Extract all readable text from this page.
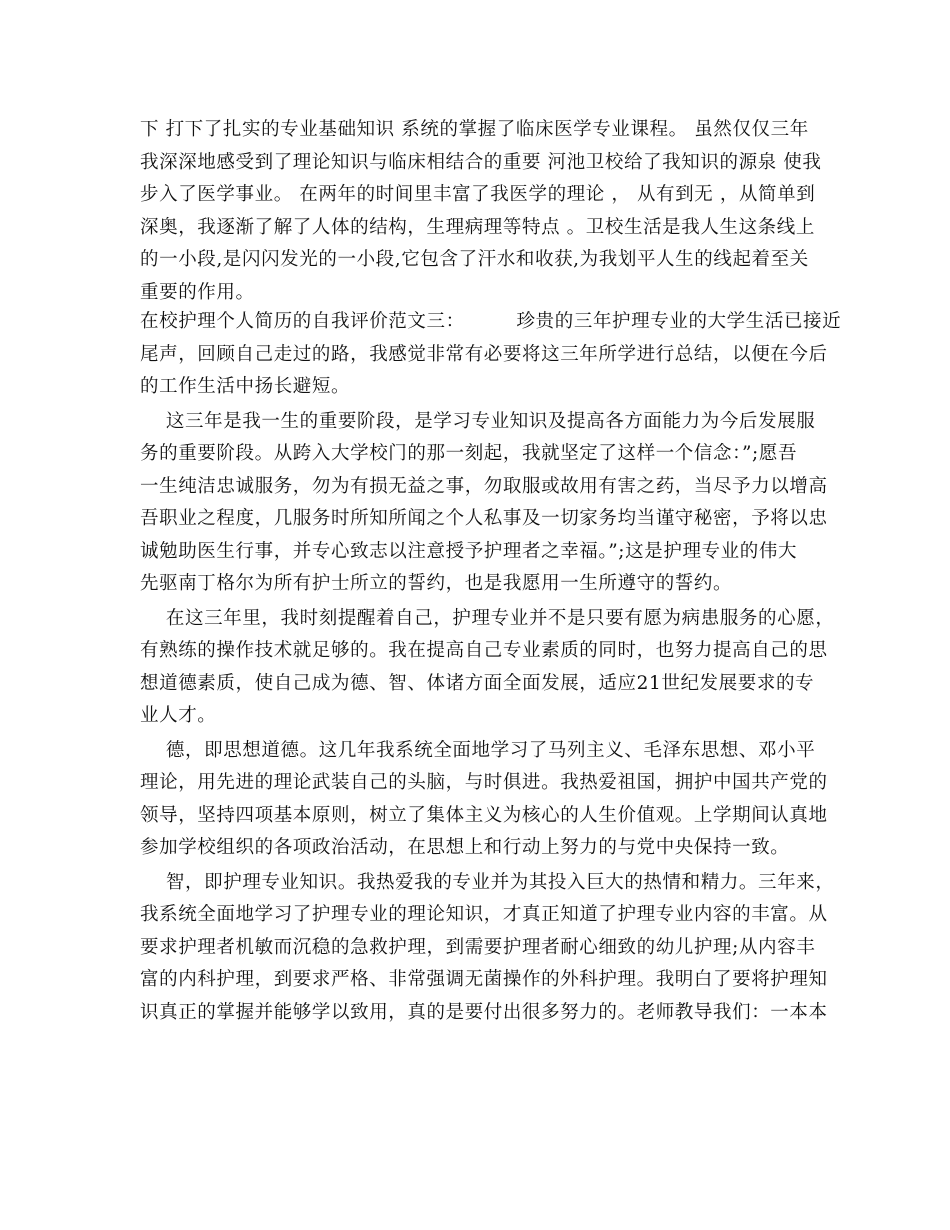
下 打下了扎实的专业基础知识 系统的掌握了临床医学专业课程。 虽然仅仅三年
我深深地感受到了理论知识与临床相结合的重要 河池卫校给了我知识的源泉 使我
步入了医学事业。 在两年的时间里丰富了我医学的理论 ， 从有到无 ，从简单到
深奥，我逐渐了解了人体的结构，生理病理等特点 。卫校生活是我人生这条线上
的一小段,是闪闪发光的一小段,它包含了汗水和收获,为我划平人生的线起着至关
重要的作用。
在校护理个人简历的自我评价范文三：        珍贵的三年护理专业的大学生活已接近
尾声，回顾自己走过的路，我感觉非常有必要将这三年所学进行总结，以便在今后
的工作生活中扬长避短。
这三年是我一生的重要阶段，是学习专业知识及提高各方面能力为今后发展服
务的重要阶段。从跨入大学校门的那一刻起，我就坚定了这样一个信念：”;愿吾
一生纯洁忠诚服务，勿为有损无益之事，勿取服或故用有害之药，当尽予力以增高
吾职业之程度，几服务时所知所闻之个人私事及一切家务均当谨守秘密，予将以忠
诚勉助医生行事，并专心致志以注意授予护理者之幸福。”;这是护理专业的伟大
先驱南丁格尔为所有护士所立的誓约，也是我愿用一生所遵守的誓约。
在这三年里，我时刻提醒着自己，护理专业并不是只要有愿为病患服务的心愿，
有熟练的操作技术就足够的。我在提高自己专业素质的同时，也努力提高自己的思
想道德素质，使自己成为德、智、体诸方面全面发展，适应21世纪发展要求的专
业人才。
德，即思想道德。这几年我系统全面地学习了马列主义、毛泽东思想、邓小平
理论，用先进的理论武装自己的头脑，与时俱进。我热爱祖国，拥护中国共产党的
领导，坚持四项基本原则，树立了集体主义为核心的人生价值观。上学期间认真地
参加学校组织的各项政治活动，在思想上和行动上努力的与党中央保持一致。
智，即护理专业知识。我热爱我的专业并为其投入巨大的热情和精力。三年来，
我系统全面地学习了护理专业的理论知识，才真正知道了护理专业内容的丰富。从
要求护理者机敏而沉稳的急救护理，到需要护理者耐心细致的幼儿护理;从内容丰
富的内科护理，到要求严格、非常强调无菌操作的外科护理。我明白了要将护理知
识真正的掌握并能够学以致用，真的是要付出很多努力的。老师教导我们：一本本
